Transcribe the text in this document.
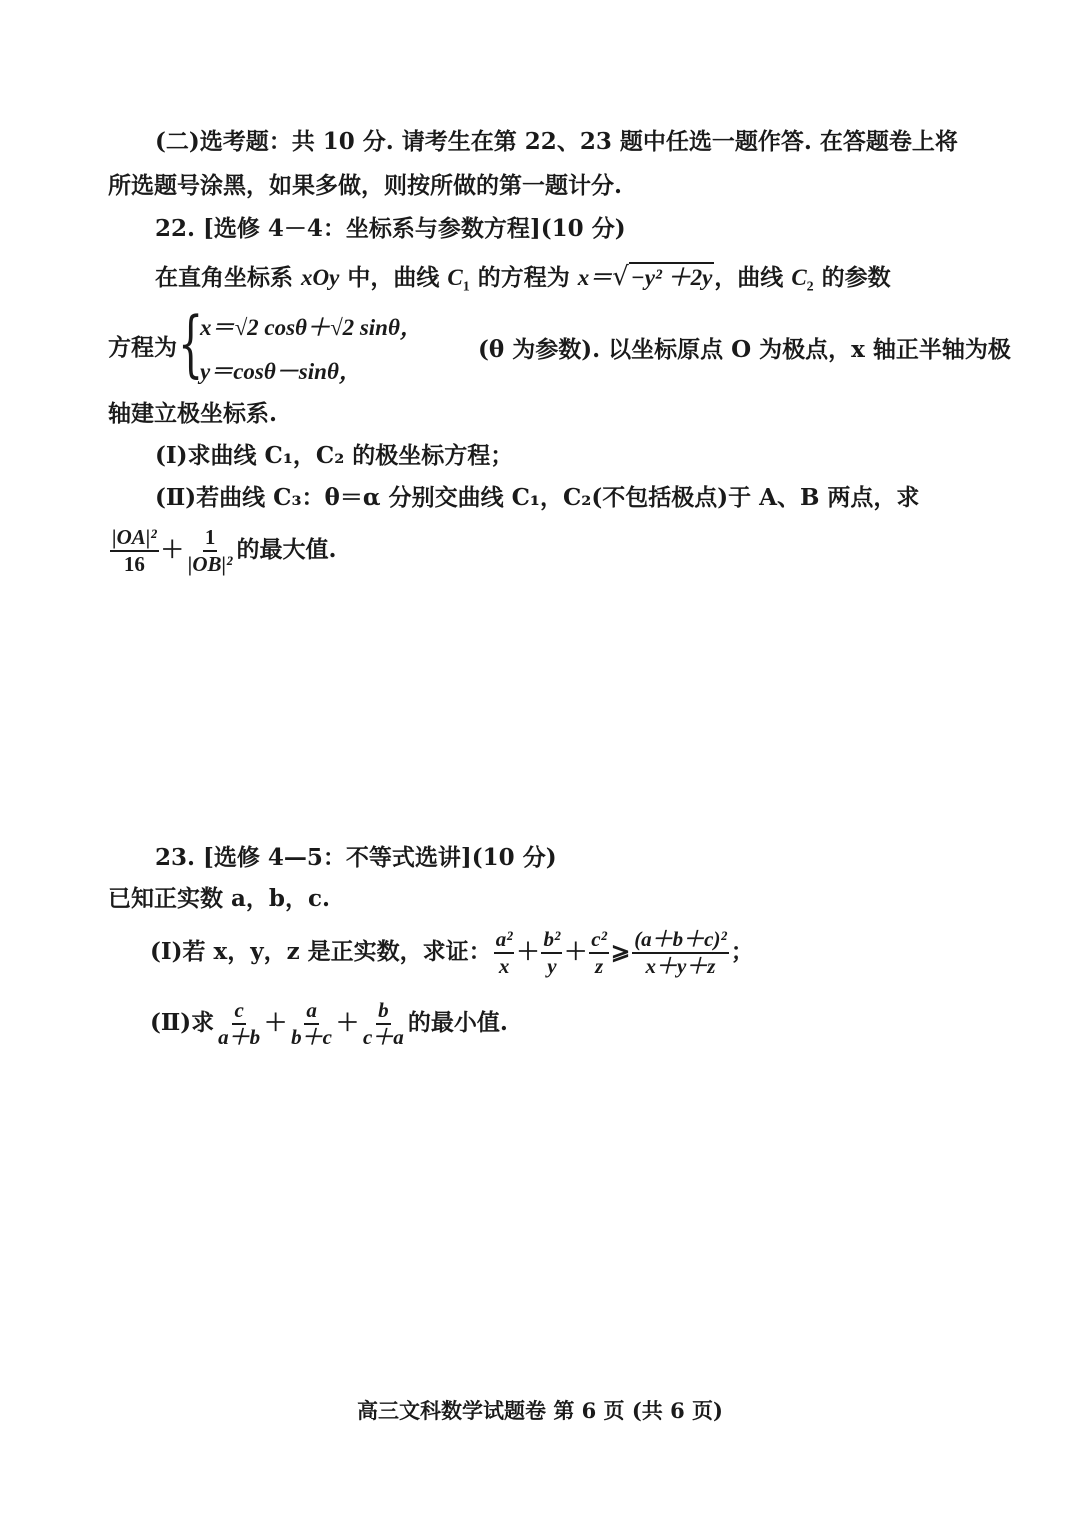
(二)选考题：共 10 分. 请考生在第 22、23 题中任选一题作答. 在答题卷上将
所选题号涂黑，如果多做，则按所做的第一题计分.
22. [选修 4－4：坐标系与参数方程](10 分)
在直角坐标系 xOy 中，曲线 $C_1$ 的方程为 x＝ √ −y² ＋2y ，曲线 $C_2$ 的参数
方程为 {
x＝√2 cosθ＋√2 sinθ，
y＝cosθ－sinθ，
(θ 为参数). 以坐标原点 O 为极点，x 轴正半轴为极
轴建立极坐标系.
(Ⅰ)求曲线 C₁，C₂ 的极坐标方程；
(Ⅱ)若曲线 C₃：θ＝α 分别交曲线 C₁，C₂(不包括极点)于 A、B 两点，求
$\frac{\text{|OA|²}}{16} + \frac{1}{\text{|OB|²}}$ 的最大值.
23. [选修 4—5：不等式选讲](10 分)
已知正实数 a，b，c.
(Ⅰ)若 x，y，z 是正实数，求证： $\frac{\text{a²}}{x} + \frac{\text{b²}}{y} + \frac{\text{c²}}{z}$ ⩾ $\frac{\text{(a＋b＋c)²}}{x+y+z}$ ；
(Ⅱ)求 $\frac{c}{a+b} + \frac{a}{b+c} + \frac{b}{c+a}$ 的最小值.
高三文科数学试题卷 第 6 页 (共 6 页)
